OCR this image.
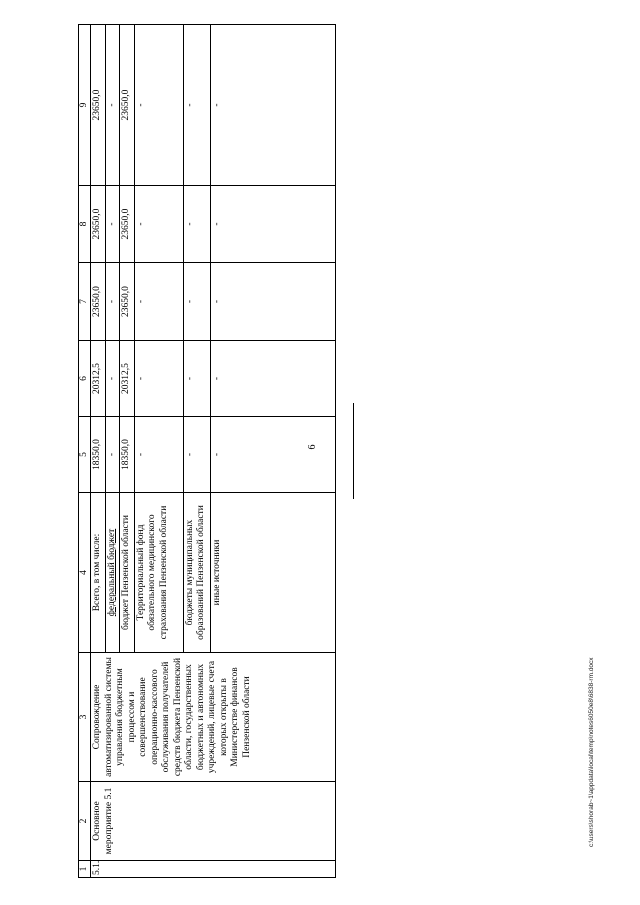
6
1	2	3	4	5	6	7	8	9
5.1.	Основное мероприятие 5.1	Сопровождение автоматизированной системы управления бюджетным процессом и совершенствование операционно-кассового обслуживания получателей средств бюджета Пензенской области, государственных бюджетных и автономных учреждений, лицевые счета которых открыты в Министерстве финансов Пензенской области	Всего, в том числе:	18350,0	20312,5	23650,0	23650,0	23650,0
			федеральный бюджет	-	-	-	-	-
			бюджет Пензенской области	18350,0	20312,5	23650,0	23650,0	23650,0
			Территориальный фонд обязательного медицинского страхования Пензенской области	-	-	-	-	-
			бюджеты муниципальных образований Пензенской области	-	-	-	-	-
			иные источники	-	-	-	-	-
c:\users\shorab~1\appdata\local\temp\notes6050e8\6838-rm.docx
